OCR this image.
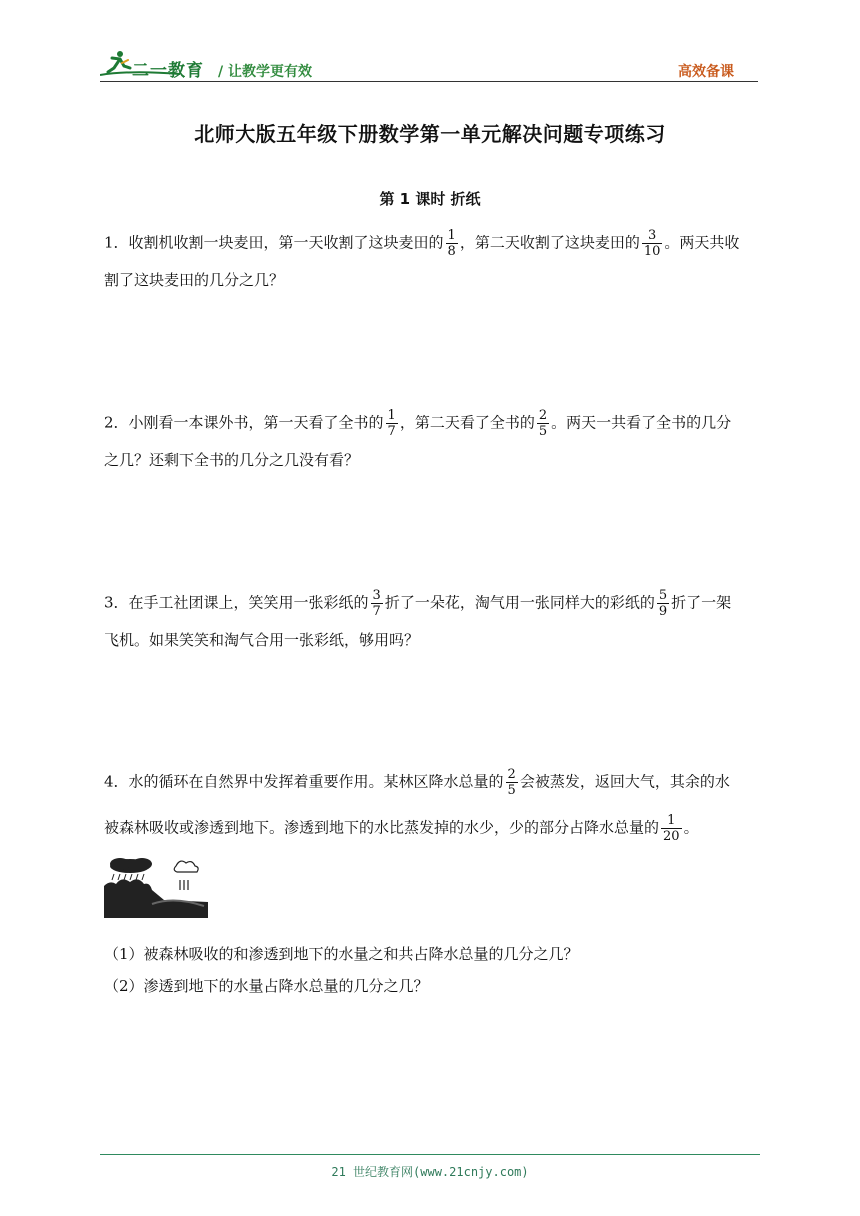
二一教育 / 让教学更有效	高效备课
北师大版五年级下册数学第一单元解决问题专项练习
第 1 课时 折纸
1．收割机收割一块麦田，第一天收割了这块麦田的 $\frac{1}{8}$ ，第二天收割了这块麦田的 $\frac{3}{10}$ 。两天共收
割了这块麦田的几分之几？
2．小刚看一本课外书，第一天看了全书的 $\frac{1}{7}$ ，第二天看了全书的 $\frac{2}{5}$ 。两天一共看了全书的几分
之几？还剩下全书的几分之几没有看？
3．在手工社团课上，笑笑用一张彩纸的 $\frac{3}{7}$ 折了一朵花，淘气用一张同样大的彩纸的 $\frac{5}{9}$ 折了一架
飞机。如果笑笑和淘气合用一张彩纸，够用吗？
4．水的循环在自然界中发挥着重要作用。某林区降水总量的 $\frac{2}{5}$ 会被蒸发，返回大气，其余的水
被森林吸收或渗透到地下。渗透到地下的水比蒸发掉的水少，少的部分占降水总量的 $\frac{1}{20}$ 。
（1）被森林吸收的和渗透到地下的水量之和共占降水总量的几分之几？
（2）渗透到地下的水量占降水总量的几分之几？
21 世纪教育网(www.21cnjy.com)
